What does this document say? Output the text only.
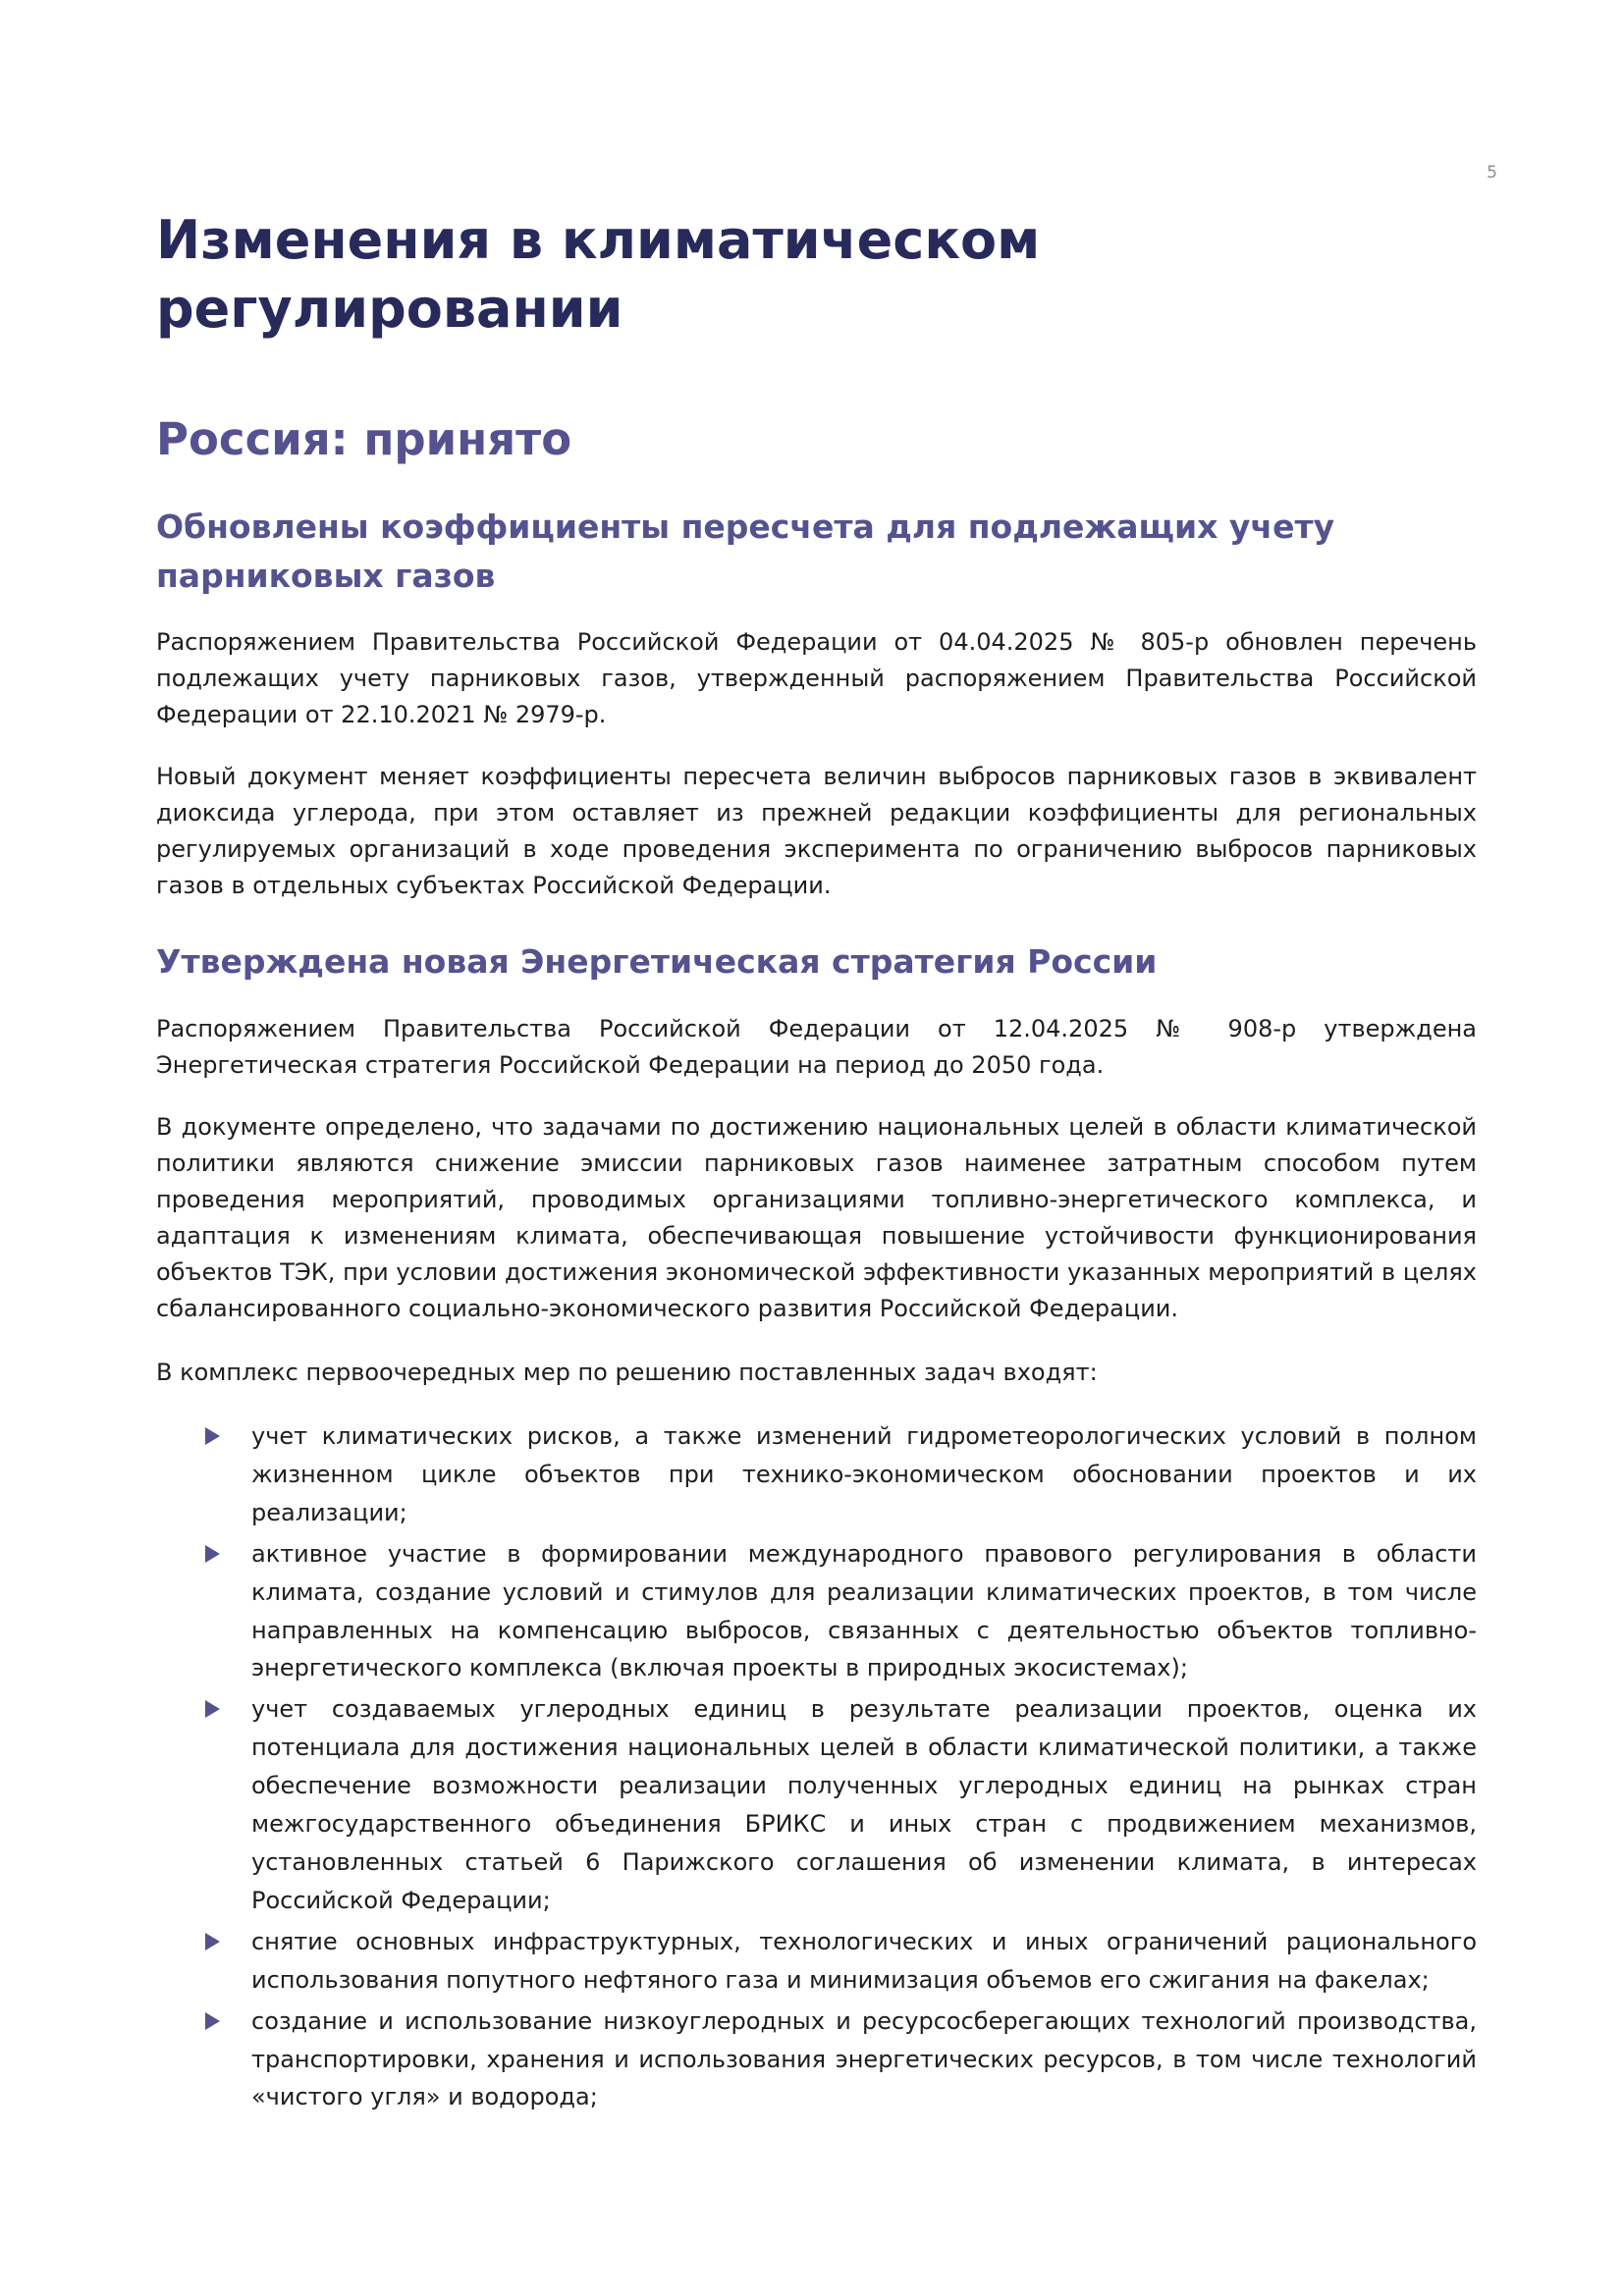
5
Изменения в климатическом регулировании
Россия: принято
Обновлены коэффициенты пересчета для подлежащих учету парниковых газов

Распоряжением Правительства Российской Федерации от 04.04.2025 № 805-р обновлен перечень подлежащих учету парниковых газов, утвержденный распоряжением Правительства Российской Федерации от 22.10.2021 № 2979-р.

Новый документ меняет коэффициенты пересчета величин выбросов парниковых газов в эквивалент диоксида углерода, при этом оставляет из прежней редакции коэффициенты для региональных регулируемых организаций в ходе проведения эксперимента по ограничению выбросов парниковых газов в отдельных субъектах Российской Федерации.

Утверждена новая Энергетическая стратегия России

Распоряжением Правительства Российской Федерации от 12.04.2025 № 908-р утверждена Энергетическая стратегия Российской Федерации на период до 2050 года.

В документе определено, что задачами по достижению национальных целей в области климатической политики являются снижение эмиссии парниковых газов наименее затратным способом путем проведения мероприятий, проводимых организациями топливно-энергетического комплекса, и адаптация к изменениям климата, обеспечивающая повышение устойчивости функционирования объектов ТЭК, при условии достижения экономической эффективности указанных мероприятий в целях сбалансированного социально-экономического развития Российской Федерации.

В комплекс первоочередных мер по решению поставленных задач входят:

учет климатических рисков, а также изменений гидрометеорологических условий в полном жизненном цикле объектов при технико-экономическом обосновании проектов и их реализации;
активное участие в формировании международного правового регулирования в области климата, создание условий и стимулов для реализации климатических проектов, в том числе направленных на компенсацию выбросов, связанных с деятельностью объектов топливно-энергетического комплекса (включая проекты в природных экосистемах);
учет создаваемых углеродных единиц в результате реализации проектов, оценка их потенциала для достижения национальных целей в области климатической политики, а также обеспечение возможности реализации полученных углеродных единиц на рынках стран межгосударственного объединения БРИКС и иных стран с продвижением механизмов, установленных статьей 6 Парижского соглашения об изменении климата, в интересах Российской Федерации;
снятие основных инфраструктурных, технологических и иных ограничений рационального использования попутного нефтяного газа и минимизация объемов его сжигания на факелах;
создание и использование низкоуглеродных и ресурсосберегающих технологий производства, транспортировки, хранения и использования энергетических ресурсов, в том числе технологий «чистого угля» и водорода;
